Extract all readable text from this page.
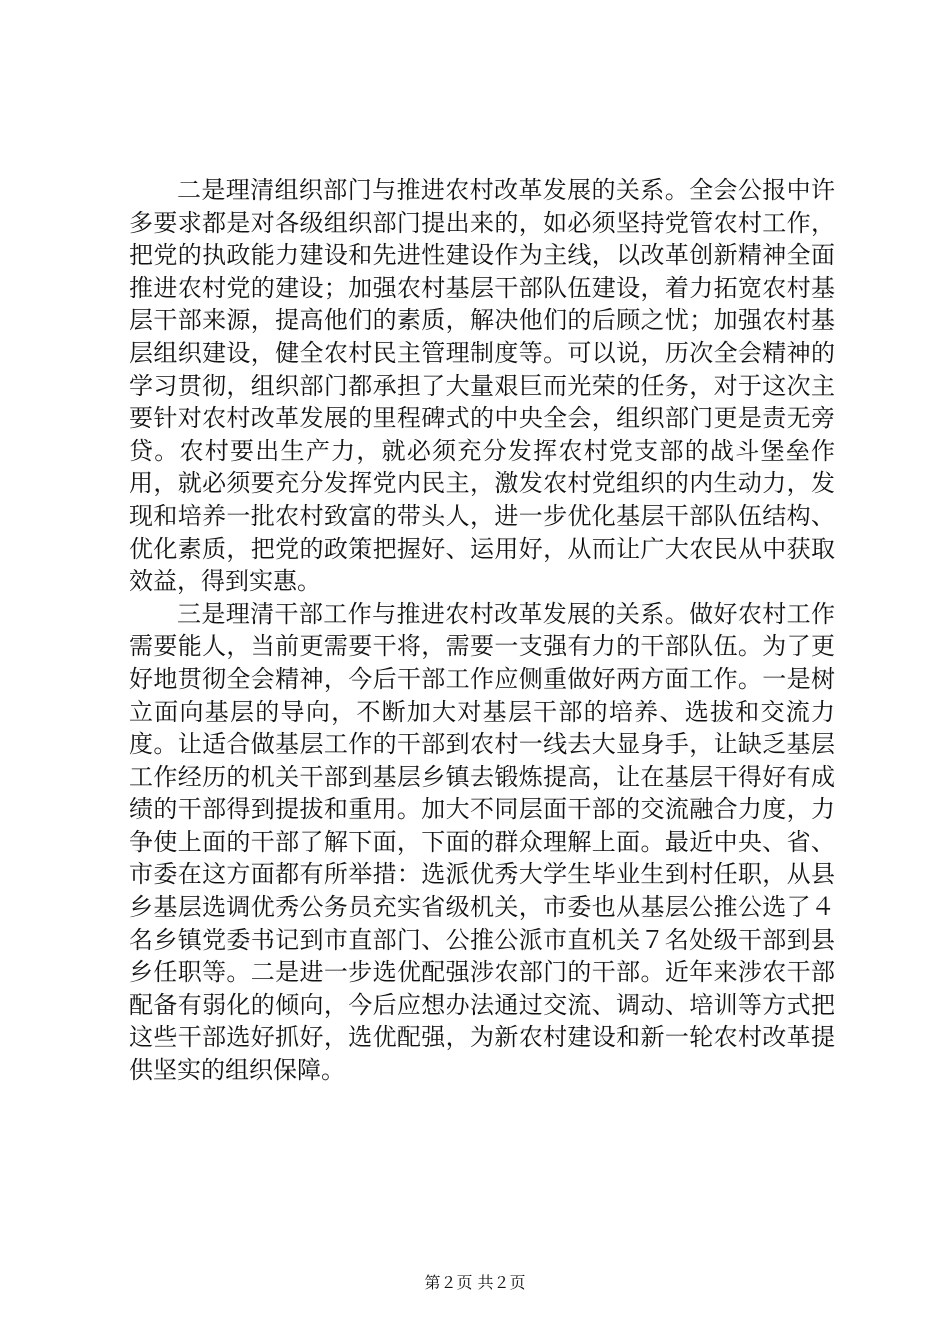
二是理清组织部门与推进农村改革发展的关系。全会公报中许多要求都是对各级组织部门提出来的，如必须坚持党管农村工作，把党的执政能力建设和先进性建设作为主线，以改革创新精神全面推进农村党的建设；加强农村基层干部队伍建设，着力拓宽农村基层干部来源，提高他们的素质，解决他们的后顾之忧；加强农村基层组织建设，健全农村民主管理制度等。可以说，历次全会精神的学习贯彻，组织部门都承担了大量艰巨而光荣的任务，对于这次主要针对农村改革发展的里程碑式的中央全会，组织部门更是责无旁贷。农村要出生产力，就必须充分发挥农村党支部的战斗堡垒作用，就必须要充分发挥党内民主，激发农村党组织的内生动力，发现和培养一批农村致富的带头人，进一步优化基层干部队伍结构、优化素质，把党的政策把握好、运用好，从而让广大农民从中获取效益，得到实惠。

三是理清干部工作与推进农村改革发展的关系。做好农村工作需要能人，当前更需要干将，需要一支强有力的干部队伍。为了更好地贯彻全会精神，今后干部工作应侧重做好两方面工作。一是树立面向基层的导向，不断加大对基层干部的培养、选拔和交流力度。让适合做基层工作的干部到农村一线去大显身手，让缺乏基层工作经历的机关干部到基层乡镇去锻炼提高，让在基层干得好有成绩的干部得到提拔和重用。加大不同层面干部的交流融合力度，力争使上面的干部了解下面，下面的群众理解上面。最近中央、省、市委在这方面都有所举措：选派优秀大学生毕业生到村任职，从县乡基层选调优秀公务员充实省级机关，市委也从基层公推公选了４名乡镇党委书记到市直部门、公推公派市直机关７名处级干部到县乡任职等。二是进一步选优配强涉农部门的干部。近年来涉农干部配备有弱化的倾向，今后应想办法通过交流、调动、培训等方式把这些干部选好抓好，选优配强，为新农村建设和新一轮农村改革提供坚实的组织保障。

第２页 共２页
